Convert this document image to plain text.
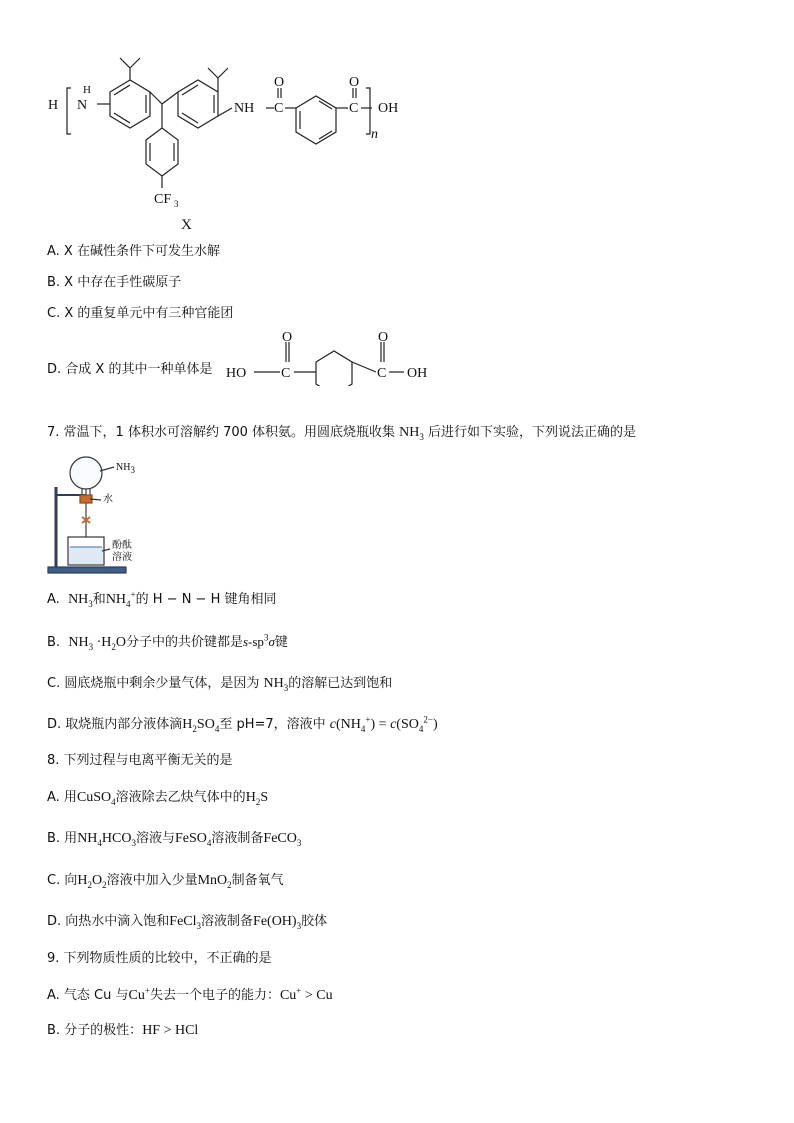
H N
H
NH C
O
C
O
OH
n
CF 3
X
A. X 在碱性条件下可发生水解
B. X 中存在手性碳原子
C. X 的重复单元中有三种官能团
D. 合成 X 的其中一种单体是 HO C
O
C
O
OH
7. 常温下，1 体积水可溶解约 700 体积氨。用圆底烧瓶收集 $NH_3$ 后进行如下实验，下列说法正确的是
$NH_3$
水
酚酞
溶液
A. $NH_3$和$NH_4^+$的 H − N − H 键角相同
B. $NH_3 \cdot H_2O$分子中的共价键都是$s-sp^3\sigma$键
C. 圆底烧瓶中剩余少量气体，是因为 $NH_3$的溶解已达到饱和
D. 取烧瓶内部分液体滴$H_2SO_4$至 pH=7，溶液中 $c(NH_4^+) = c(SO_4^{2-})$
8. 下列过程与电离平衡无关的是
A. 用CuSO$_4$溶液除去乙炔气体中的$H_2S$
B. 用$NH_4HCO_3$溶液与FeSO$_4$溶液制备FeCO$_3$
C. 向$H_2O_2$溶液中加入少量MnO$_2$制备氧气
D. 向热水中滴入饱和FeCl$_3$溶液制备$Fe(OH)_3$胶体
9. 下列物质性质的比较中，不正确的是
A. 气态 Cu 与Cu+失去一个电子的能力：Cu+ > Cu
B. 分子的极性：HF > HCl
